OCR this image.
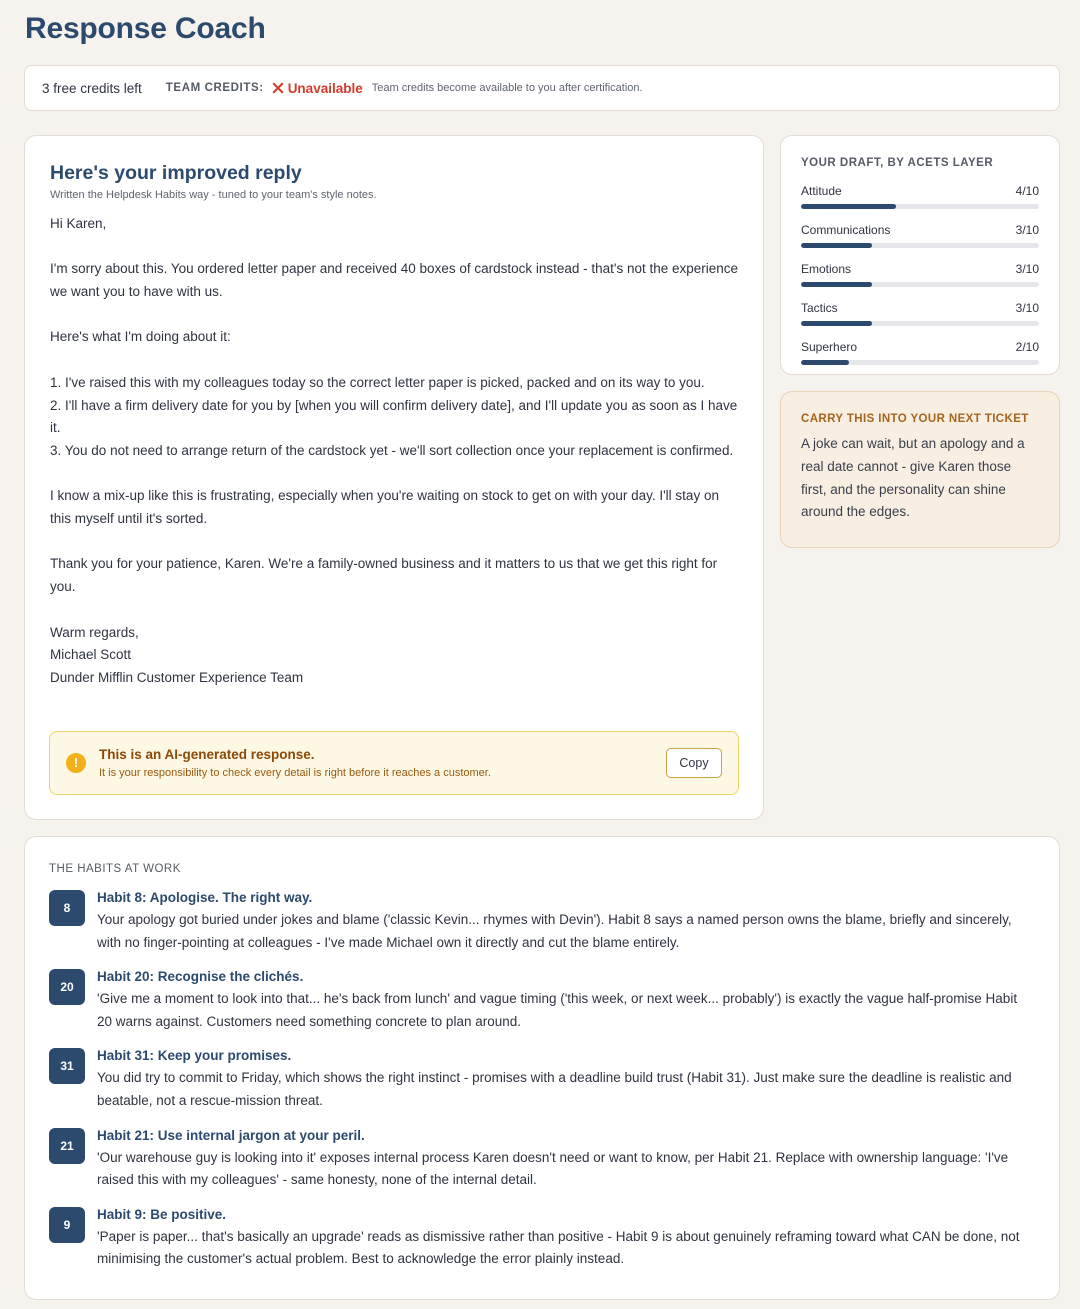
Response Coach
3 free credits left TEAM CREDITS: Unavailable Team credits become available to you after certification.
Here's your improved reply
Written the Helpdesk Habits way - tuned to your team's style notes.

Hi Karen,

I'm sorry about this. You ordered letter paper and received 40 boxes of cardstock instead - that's not the experience we want you to have with us.

Here's what I'm doing about it:

1. I've raised this with my colleagues today so the correct letter paper is picked, packed and on its way to you.
2. I'll have a firm delivery date for you by [when you will confirm delivery date], and I'll update you as soon as I have it.
3. You do not need to arrange return of the cardstock yet - we'll sort collection once your replacement is confirmed.

I know a mix-up like this is frustrating, especially when you're waiting on stock to get on with your day. I'll stay on this myself until it's sorted.

Thank you for your patience, Karen. We're a family-owned business and it matters to us that we get this right for you.

Warm regards,
Michael Scott
Dunder Mifflin Customer Experience Team

!
This is an AI-generated response.
It is your responsibility to check every detail is right before it reaches a customer.
Copy
YOUR DRAFT, BY ACETS LAYER
Attitude	4/10
Communications	3/10
Emotions	3/10
Tactics	3/10
Superhero	2/10
CARRY THIS INTO YOUR NEXT TICKET
A joke can wait, but an apology and a real date cannot - give Karen those first, and the personality can shine around the edges.
THE HABITS AT WORK
8
Habit 8: Apologise. The right way.
Your apology got buried under jokes and blame ('classic Kevin... rhymes with Devin'). Habit 8 says a named person owns the blame, briefly and sincerely, with no finger-pointing at colleagues - I've made Michael own it directly and cut the blame entirely.
20
Habit 20: Recognise the clichés.
'Give me a moment to look into that... he's back from lunch' and vague timing ('this week, or next week... probably') is exactly the vague half-promise Habit 20 warns against. Customers need something concrete to plan around.
31
Habit 31: Keep your promises.
You did try to commit to Friday, which shows the right instinct - promises with a deadline build trust (Habit 31). Just make sure the deadline is realistic and beatable, not a rescue-mission threat.
21
Habit 21: Use internal jargon at your peril.
'Our warehouse guy is looking into it' exposes internal process Karen doesn't need or want to know, per Habit 21. Replace with ownership language: 'I've raised this with my colleagues' - same honesty, none of the internal detail.
9
Habit 9: Be positive.
'Paper is paper... that's basically an upgrade' reads as dismissive rather than positive - Habit 9 is about genuinely reframing toward what CAN be done, not minimising the customer's actual problem. Best to acknowledge the error plainly instead.
